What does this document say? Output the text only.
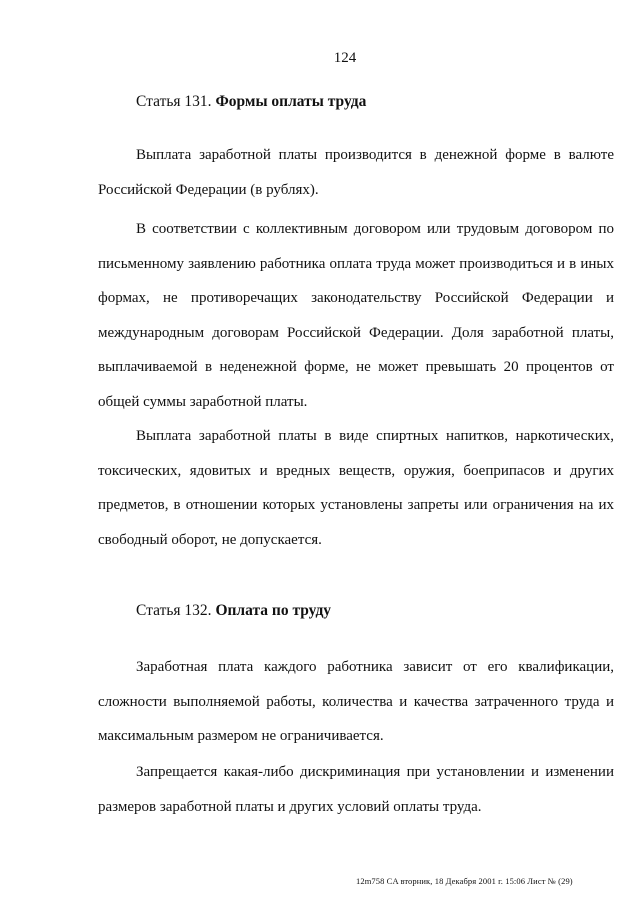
124
Статья 131. Формы оплаты труда

Выплата заработной платы производится в денежной форме в валюте Российской Федерации (в рублях).

В соответствии с коллективным договором или трудовым договором по письменному заявлению работника оплата труда может производиться и в иных формах, не противоречащих законодательству Российской Федерации и международным договорам Российской Федерации. Доля заработной платы, выплачиваемой в неденежной форме, не может превышать 20 процентов от общей суммы заработной платы.

Выплата заработной платы в виде спиртных напитков, наркотических, токсических, ядовитых и вредных веществ, оружия, боеприпасов и других предметов, в отношении которых установлены запреты или ограничения на их свободный оборот, не допускается.

Статья 132. Оплата по труду

Заработная плата каждого работника зависит от его квалификации, сложности выполняемой работы, количества и качества затраченного труда и максимальным размером не ограничивается.

Запрещается какая-либо дискриминация при установлении и изменении размеров заработной платы и других условий оплаты труда.

12m758 CA вторник, 18 Декабря 2001 г. 15:06 Лист № (29)
